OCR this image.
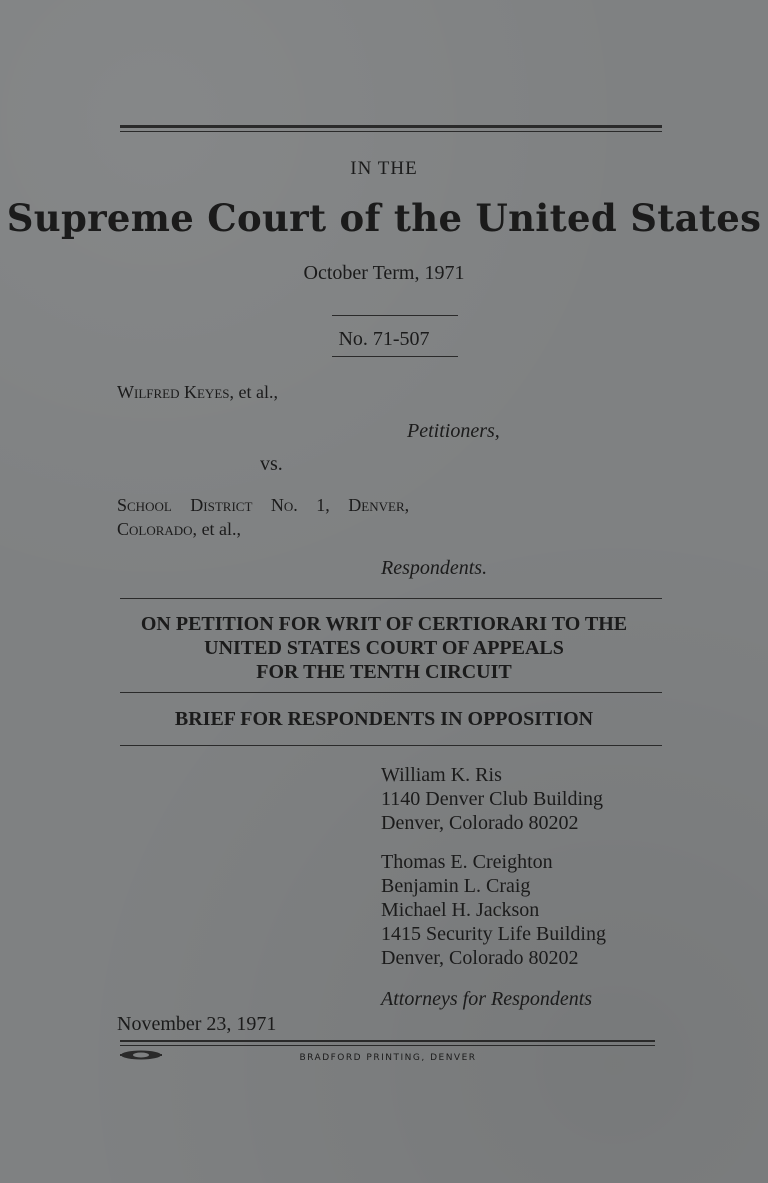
IN THE
Supreme Court of the United States
October Term, 1971
No. 71-507
Wilfred Keyes, et al.,
Petitioners,
vs.
School District No. 1, Denver,
Colorado, et al.,
Respondents.
ON PETITION FOR WRIT OF CERTIORARI TO THE
UNITED STATES COURT OF APPEALS
FOR THE TENTH CIRCUIT
BRIEF FOR RESPONDENTS IN OPPOSITION
William K. Ris
1140 Denver Club Building
Denver, Colorado 80202
Thomas E. Creighton
Benjamin L. Craig
Michael H. Jackson
1415 Security Life Building
Denver, Colorado 80202
Attorneys for Respondents
November 23, 1971
BRADFORD PRINTING, DENVER
